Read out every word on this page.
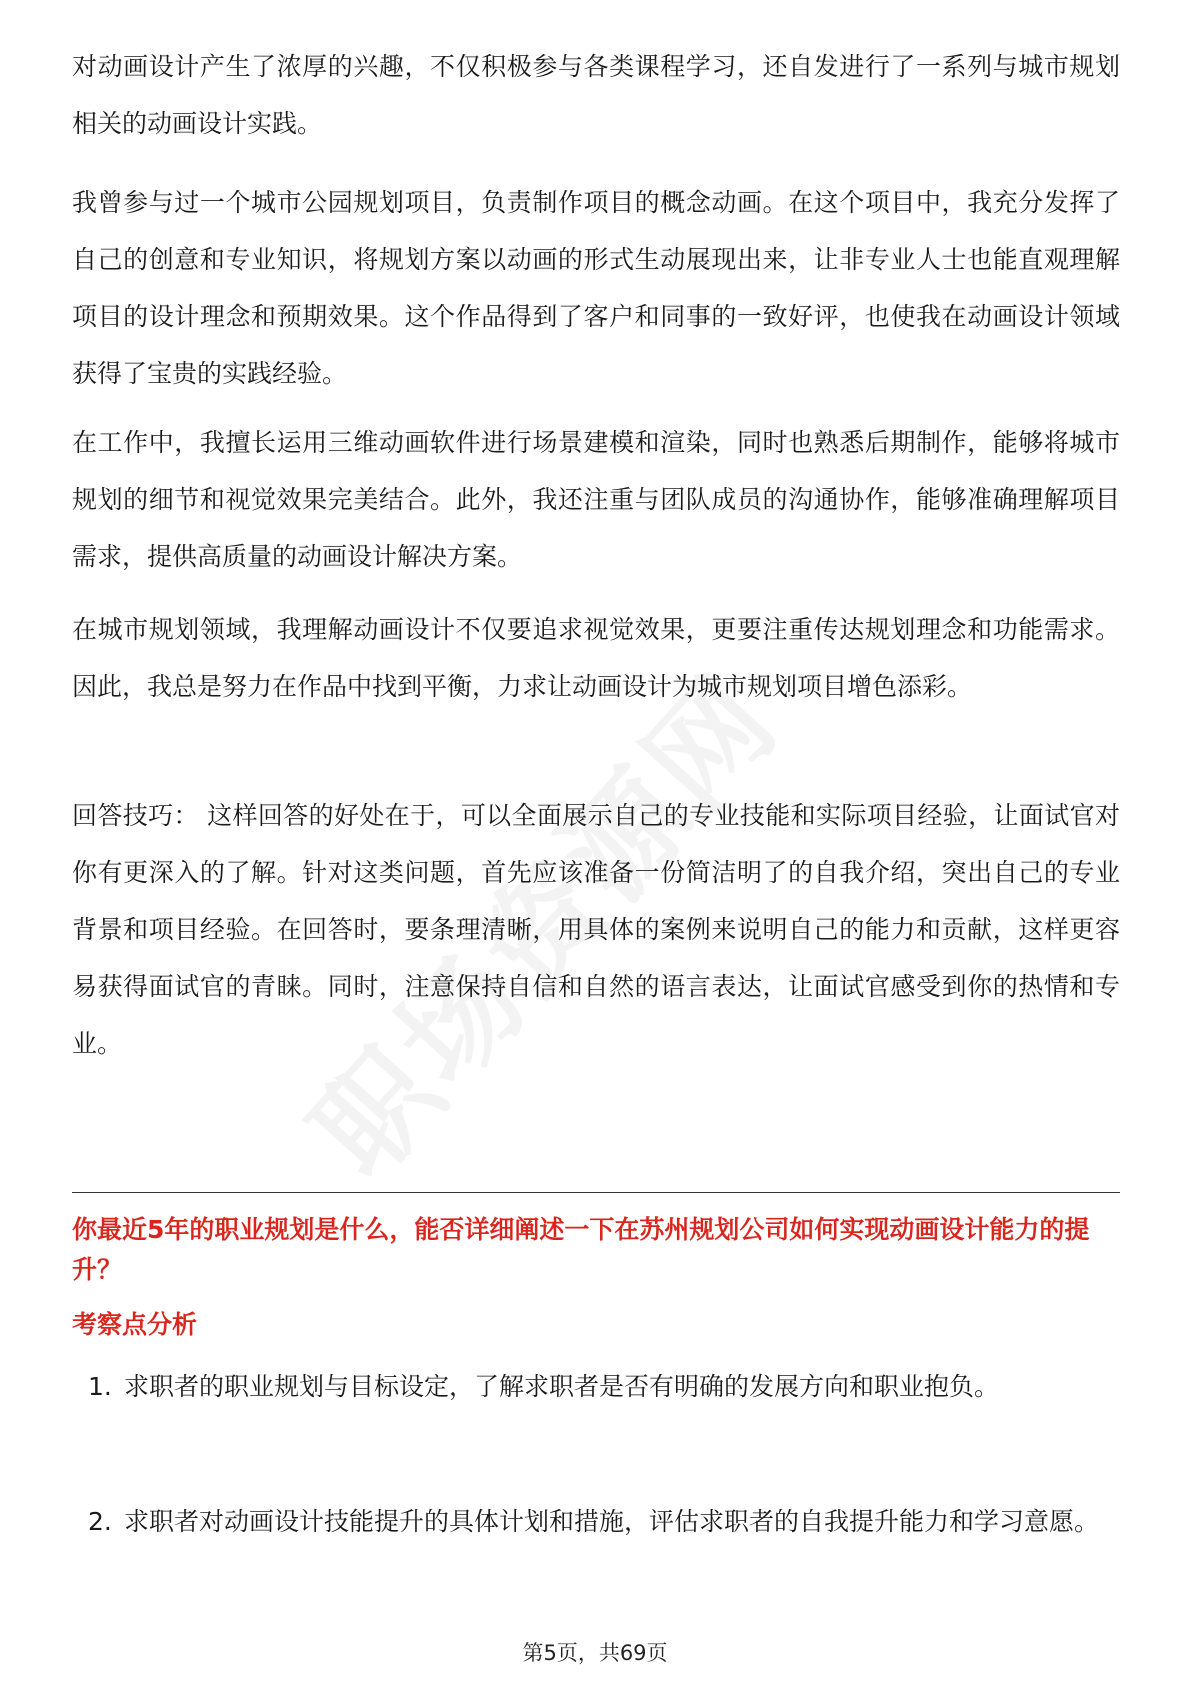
对动画设计产生了浓厚的兴趣，不仅积极参与各类课程学习，还自发进行了一系列与城市规划相关的动画设计实践。

我曾参与过一个城市公园规划项目，负责制作项目的概念动画。在这个项目中，我充分发挥了自己的创意和专业知识，将规划方案以动画的形式生动展现出来，让非专业人士也能直观理解项目的设计理念和预期效果。这个作品得到了客户和同事的一致好评，也使我在动画设计领域获得了宝贵的实践经验。

在工作中，我擅长运用三维动画软件进行场景建模和渲染，同时也熟悉后期制作，能够将城市规划的细节和视觉效果完美结合。此外，我还注重与团队成员的沟通协作，能够准确理解项目需求，提供高质量的动画设计解决方案。

在城市规划领域，我理解动画设计不仅要追求视觉效果，更要注重传达规划理念和功能需求。因此，我总是努力在作品中找到平衡，力求让动画设计为城市规划项目增色添彩。

回答技巧： 这样回答的好处在于，可以全面展示自己的专业技能和实际项目经验，让面试官对你有更深入的了解。针对这类问题，首先应该准备一份简洁明了的自我介绍，突出自己的专业背景和项目经验。在回答时，要条理清晰，用具体的案例来说明自己的能力和贡献，这样更容易获得面试官的青睐。同时，注意保持自信和自然的语言表达，让面试官感受到你的热情和专业。

你最近5年的职业规划是什么，能否详细阐述一下在苏州规划公司如何实现动画设计能力的提升？

考察点分析

1. 求职者的职业规划与目标设定，了解求职者是否有明确的发展方向和职业抱负。

2. 求职者对动画设计技能提升的具体计划和措施，评估求职者的自我提升能力和学习意愿。

第5页，共69页
